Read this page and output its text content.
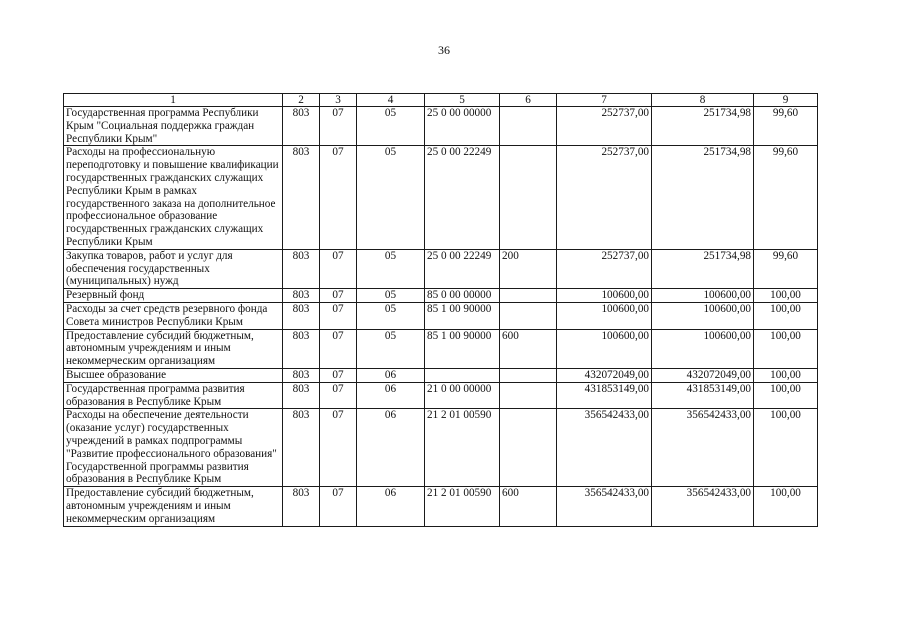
36
1	2	3	4	5	6	7	8	9
Государственная программа Республики Крым "Социальная поддержка граждан Республики Крым"	803	07	05	25 0 00 00000		252737,00	251734,98	99,60
Расходы на профессиональную переподготовку и повышение квалификации государственных гражданских служащих Республики Крым в рамках государственного заказа на дополнительное профессиональное образование государственных гражданских служащих Республики Крым	803	07	05	25 0 00 22249		252737,00	251734,98	99,60
Закупка товаров, работ и услуг для обеспечения государственных (муниципальных) нужд	803	07	05	25 0 00 22249	200	252737,00	251734,98	99,60
Резервный фонд	803	07	05	85 0 00 00000		100600,00	100600,00	100,00
Расходы за счет средств резервного фонда Совета министров Республики Крым	803	07	05	85 1 00 90000		100600,00	100600,00	100,00
Предоставление субсидий бюджетным, автономным учреждениям и иным некоммерческим организациям	803	07	05	85 1 00 90000	600	100600,00	100600,00	100,00
Высшее образование	803	07	06			432072049,00	432072049,00	100,00
Государственная программа развития образования в Республике Крым	803	07	06	21 0 00 00000		431853149,00	431853149,00	100,00
Расходы на обеспечение деятельности (оказание услуг) государственных учреждений в рамках подпрограммы "Развитие профессионального образования" Государственной программы развития образования в Республике Крым	803	07	06	21 2 01 00590		356542433,00	356542433,00	100,00
Предоставление субсидий бюджетным, автономным учреждениям и иным некоммерческим организациям	803	07	06	21 2 01 00590	600	356542433,00	356542433,00	100,00
